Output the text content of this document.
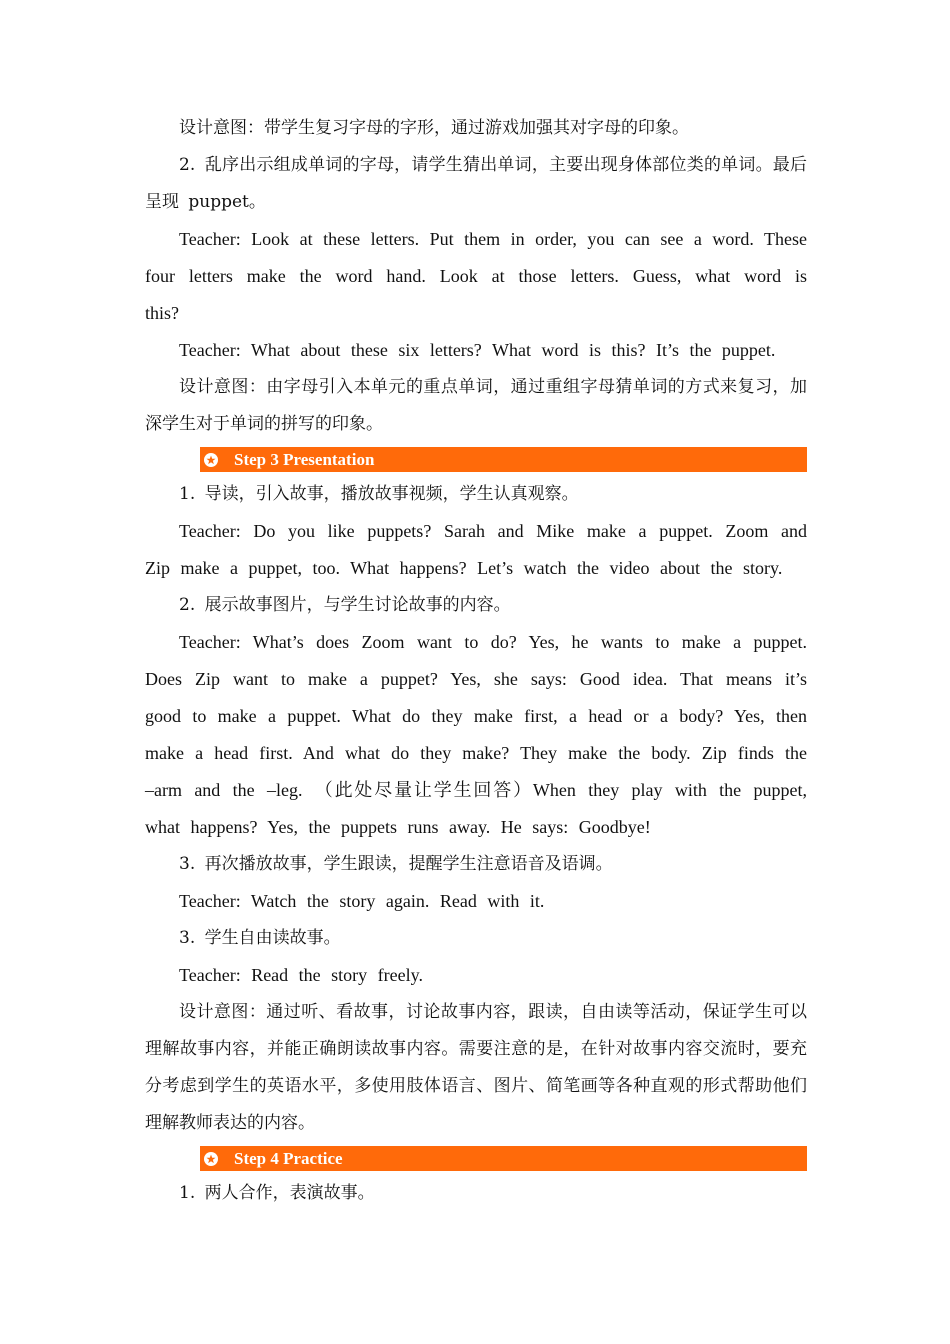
设计意图：带学生复习字母的字形，通过游戏加强其对字母的印象。

2. 乱序出示组成单词的字母，请学生猜出单词，主要出现身体部位类的单词。最后呈现 puppet。

Teacher: Look at these letters. Put them in order, you can see a word. These four letters make the word hand. Look at those letters. Guess, what word is this?

Teacher: What about these six letters? What word is this? It’s the puppet.

设计意图：由字母引入本单元的重点单词，通过重组字母猜单词的方式来复习，加深学生对于单词的拼写的印象。

Step 3 Presentation

1. 导读，引入故事，播放故事视频，学生认真观察。

Teacher: Do you like puppets? Sarah and Mike make a puppet. Zoom and Zip make a puppet, too. What happens? Let’s watch the video about the story.

2. 展示故事图片，与学生讨论故事的内容。

Teacher: What’s does Zoom want to do? Yes, he wants to make a puppet. Does Zip want to make a puppet? Yes, she says: Good idea. That means it’s good to make a puppet. What do they make first, a head or a body? Yes, then make a head first. And what do they make? They make the body. Zip finds the –arm and the –leg. （此处尽量让学生回答）When they play with the puppet, what happens? Yes, the puppets runs away. He says: Goodbye!

3. 再次播放故事，学生跟读，提醒学生注意语音及语调。

Teacher: Watch the story again. Read with it.

3. 学生自由读故事。

Teacher: Read the story freely.

设计意图：通过听、看故事，讨论故事内容，跟读，自由读等活动，保证学生可以理解故事内容，并能正确朗读故事内容。需要注意的是，在针对故事内容交流时，要充分考虑到学生的英语水平，多使用肢体语言、图片、简笔画等各种直观的形式帮助他们理解教师表达的内容。

Step 4 Practice

1. 两人合作，表演故事。
